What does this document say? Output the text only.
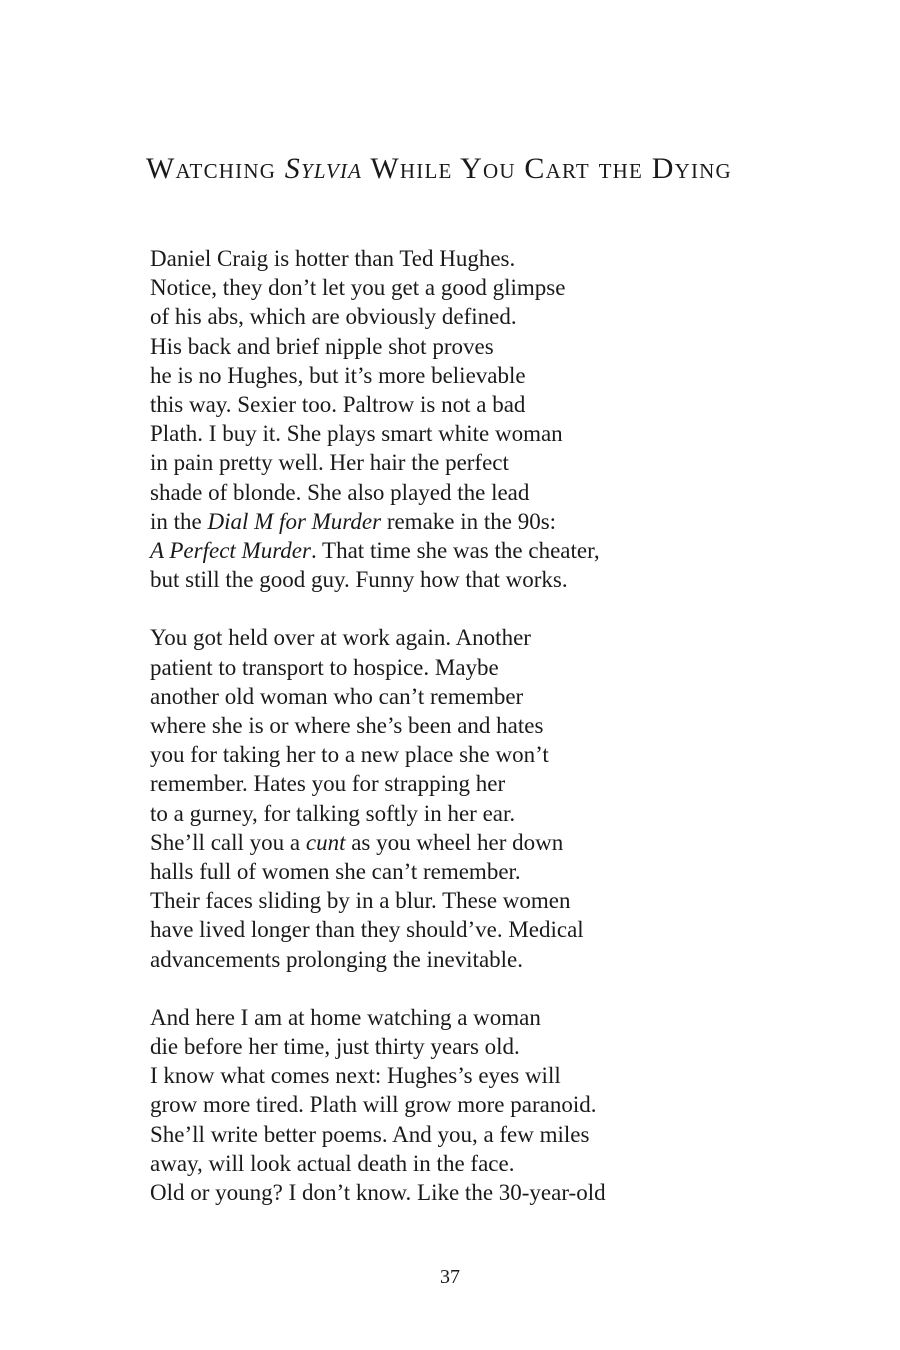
Watching Sylvia While You Cart the Dying
Daniel Craig is hotter than Ted Hughes.
Notice, they don’t let you get a good glimpse
of his abs, which are obviously defined.
His back and brief nipple shot proves
he is no Hughes, but it’s more believable
this way. Sexier too. Paltrow is not a bad
Plath. I buy it. She plays smart white woman
in pain pretty well. Her hair the perfect
shade of blonde. She also played the lead
in the Dial M for Murder remake in the 90s:
A Perfect Murder. That time she was the cheater,
but still the good guy. Funny how that works.
You got held over at work again. Another
patient to transport to hospice. Maybe
another old woman who can’t remember
where she is or where she’s been and hates
you for taking her to a new place she won’t
remember. Hates you for strapping her
to a gurney, for talking softly in her ear.
She’ll call you a cunt as you wheel her down
halls full of women she can’t remember.
Their faces sliding by in a blur. These women
have lived longer than they should’ve. Medical
advancements prolonging the inevitable.
And here I am at home watching a woman
die before her time, just thirty years old.
I know what comes next: Hughes’s eyes will
grow more tired. Plath will grow more paranoid.
She’ll write better poems. And you, a few miles
away, will look actual death in the face.
Old or young? I don’t know. Like the 30-year-old
37
